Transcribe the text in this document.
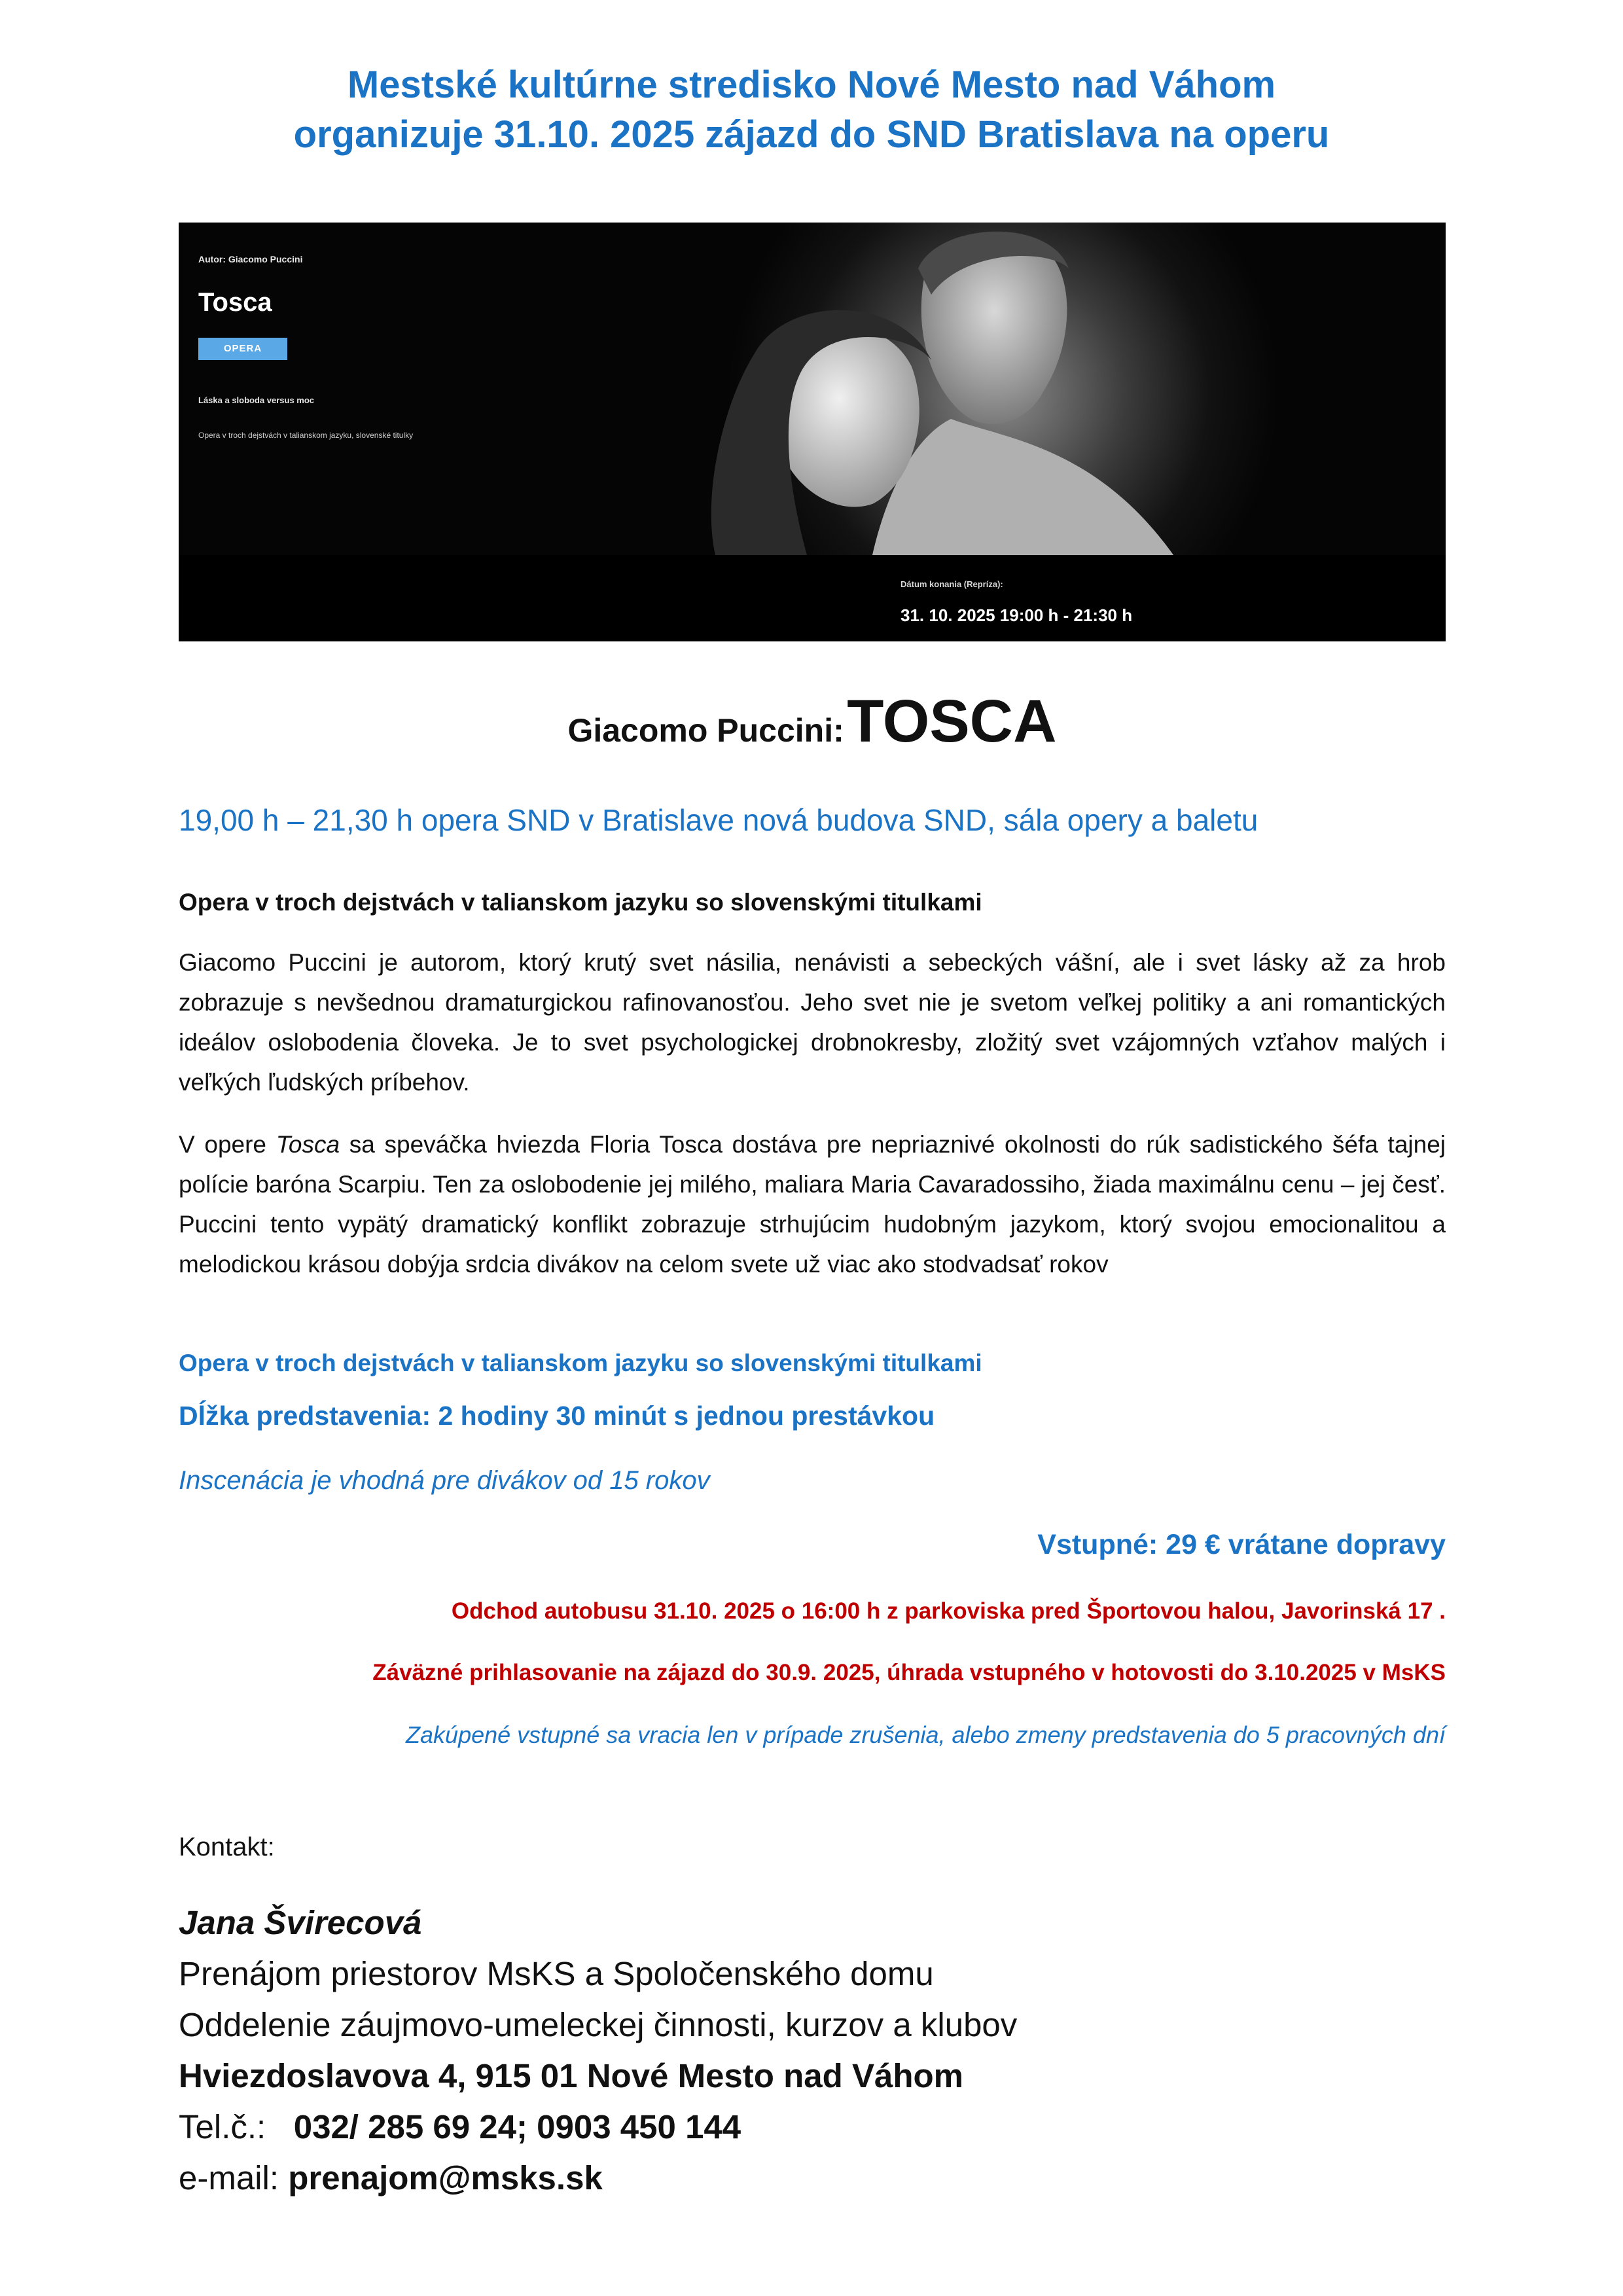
Mestské kultúrne stredisko Nové Mesto nad Váhom
organizuje 31.10. 2025 zájazd do SND Bratislava na operu
Autor: Giacomo Puccini
Tosca
OPERA
Láska a sloboda versus moc
Opera v troch dejstvách v talianskom jazyku, slovenské titulky
Dátum konania (Repríza):
31. 10. 2025 19:00 h - 21:30 h
Giacomo Puccini: TOSCA
19,00 h – 21,30 h opera SND v Bratislave nová budova SND, sála opery a baletu
Opera v troch dejstvách v talianskom jazyku so slovenskými titulkami
Giacomo Puccini je autorom, ktorý krutý svet násilia, nenávisti a sebeckých vášní, ale i svet lásky až za hrob zobrazuje s nevšednou dramaturgickou rafinovanosťou. Jeho svet nie je svetom veľkej politiky a ani romantických ideálov oslobodenia človeka. Je to svet psychologickej drobnokresby, zložitý svet vzájomných vzťahov malých i veľkých ľudských príbehov.
V opere Tosca sa speváčka hviezda Floria Tosca dostáva pre nepriaznivé okolnosti do rúk sadistického šéfa tajnej polície baróna Scarpiu. Ten za oslobodenie jej milého, maliara Maria Cavaradossiho, žiada maximálnu cenu – jej česť. Puccini tento vypätý dramatický konflikt zobrazuje strhujúcim hudobným jazykom, ktorý svojou emocionalitou a melodickou krásou dobýja srdcia divákov na celom svete už viac ako stodvadsať rokov
Opera v troch dejstvách v talianskom jazyku so slovenskými titulkami
Dĺžka predstavenia: 2 hodiny 30 minút s jednou prestávkou
Inscenácia je vhodná pre divákov od 15 rokov
Vstupné: 29 € vrátane dopravy
Odchod autobusu 31.10. 2025 o 16:00 h z parkoviska pred Športovou halou, Javorinská 17 .
Záväzné prihlasovanie na zájazd do 30.9. 2025, úhrada vstupného v hotovosti do 3.10.2025 v MsKS
Zakúpené vstupné sa vracia len v prípade zrušenia, alebo zmeny predstavenia do 5 pracovných dní
Kontakt:
Jana Švirecová
Prenájom priestorov MsKS a Spoločenského domu
Oddelenie záujmovo-umeleckej činnosti, kurzov a klubov
Hviezdoslavova 4, 915 01 Nové Mesto nad Váhom
Tel.č.: 032/ 285 69 24; 0903 450 144
e-mail: prenajom@msks.sk
